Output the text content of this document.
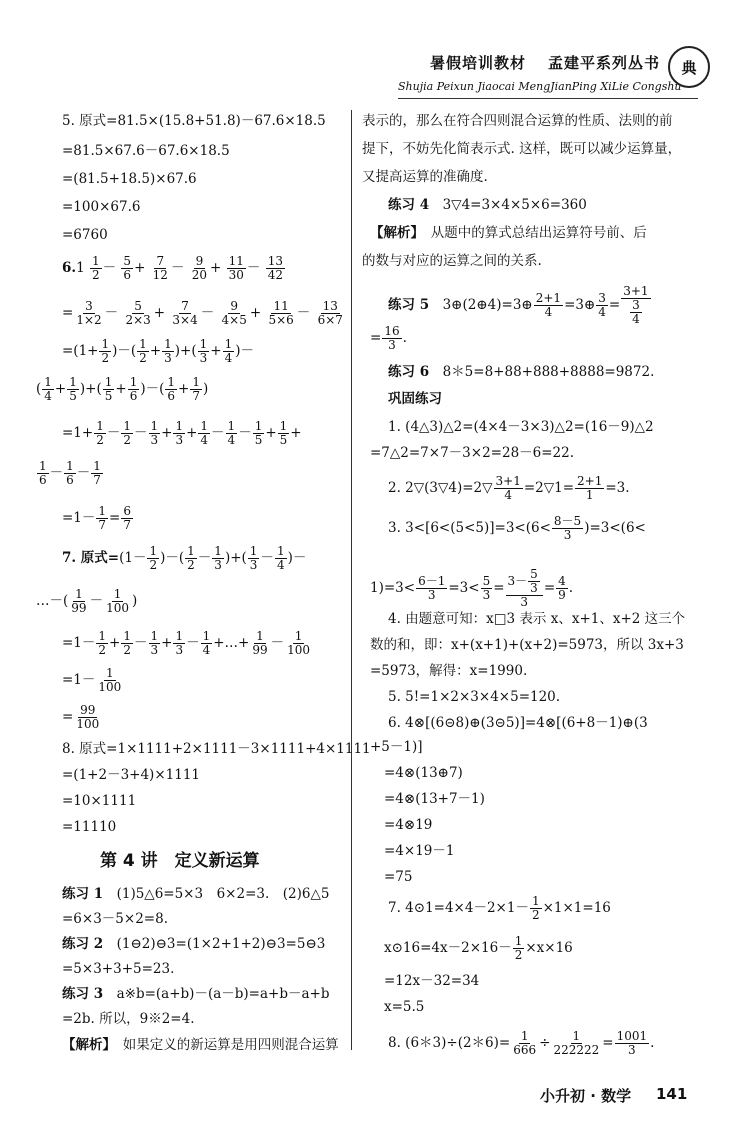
暑假培训教材 孟建平系列丛书
Shujia Peixun Jiaocai MengJianPing XiLie Congshu
典
5. 原式=81.5×(15.8+51.8)－67.6×18.5
=81.5×67.6－67.6×18.5
=(81.5+18.5)×67.6
=100×67.6
=6760
$6.1 \frac{1}{2} - \frac{5}{6} + \frac{7}{12} - \frac{9}{20} + \frac{11}{30} - \frac{13}{42}$
= $\frac{3}{1\times 2} - \frac{5}{2\times 3} + \frac{7}{3\times 4} - \frac{9}{4\times 5} + \frac{11}{5\times 6} - \frac{13}{6\times 7}$
$=(1+ \frac{1}{2}$ )－( $\frac{1}{2} + \frac{1}{3}$ )+( $\frac{1}{3} + \frac{1}{4}$ )－
( $\frac{1}{4} + \frac{1}{5}$ )+( $\frac{1}{5} + \frac{1}{6}$ )－( $\frac{1}{6} + \frac{1}{7}$ )
$=1+ \frac{1}{2} - \frac{1}{2} - \frac{1}{3} + \frac{1}{3} + \frac{1}{4} - \frac{1}{4} - \frac{1}{5} + \frac{1}{5}$ +
$\frac{1}{6} - \frac{1}{6} - \frac{1}{7}$
$=1- \frac{1}{7} = \frac{6}{7}$
7. 原式$=(1- \frac{1}{2}$ )－( $\frac{1}{2} - \frac{1}{3}$ )+( $\frac{1}{3} - \frac{1}{4}$ )－
…－( $\frac{1}{99} - \frac{1}{100}$ )
$=1- \frac{1}{2} + \frac{1}{2} - \frac{1}{3} + \frac{1}{3} - \frac{1}{4}$ +…+ $\frac{1}{99} - \frac{1}{100}$
$=1- \frac{1}{100}$
= $\frac{99}{100}$
8. 原式=1×1111+2×1111－3×1111+4×1111
=(1+2－3+4)×1111
=10×1111
=11110
第 4 讲　定义新运算
练习 1　 (1)5△6=5×3　6×2=3.　(2)6△5
=6×3－5×2=8.
练习 2　 (1⊖2)⊖3=(1×2+1+2)⊖3=5⊖3
=5×3+3+5=23.
练习 3　 a※b=(a+b)－(a－b)=a+b－a+b
=2b. 所以，9※2=4.
【解析】　 如果定义的新运算是用四则混合运算
表示的，那么在符合四则混合运算的性质、法则的前
提下，不妨先化简表示式. 这样，既可以减少运算量，
又提高运算的准确度.
练习 4　 3▽4=3×4×5×6=360
【解析】　 从题中的算式总结出运算符号前、后
的数与对应的运算之间的关系.
练习 5　 3⊕(2⊕4)=3⊕ $\frac{2+1}{4}$ =3⊕ $\frac{3}{4} = \frac{3+1}{\frac{3}{4}}$
= $\frac{16}{3}$ .
练习 6　 8＊5=8+88+888+8888=9872.
巩固练习
1. (4△3)△2=(4×4－3×3)△2=(16－9)△2
=7△2=7×7－3×2=28－6=22.
2. 2▽(3▽4)=2▽ $\frac{3+1}{4}$ =2▽1= $\frac{2+1}{1} =3$.
3. $3<[6<(5<5)]=3<(6< \frac{8-5}{3} )=3<(6<$
$1)=3< \frac{6-1}{3} =3< \frac{5}{3} = \frac{3- \frac{5}{3}}{3} = \frac{4}{9}$ .
4. 由题意可知：x□3 表示 x、x+1、x+2 这三个
数的和，即：x+(x+1)+(x+2)=5973，所以 3x+3
=5973，解得：x=1990.
5. 5!=1×2×3×4×5=120.
6. 4⊗[(6⊝8)⊕(3⊝5)]=4⊗[(6+8－1)⊕(3
+5－1)]
=4⊗(13⊕7)
=4⊗(13+7－1)
=4⊗19
=4×19－1
=75
7. 4⊙1=4×4－2×1－ $\frac{1}{2} \times 1\times 1=16$
x⊙16=4x－2×16－ $\frac{1}{2} \times x\times 16$
=12x－32=34
x=5.5
8. (6＊3)÷(2＊6)= $\frac{1}{666} \div \frac{1}{222222} = \frac{1001}{3}$ .
小升初 · 数学 141
